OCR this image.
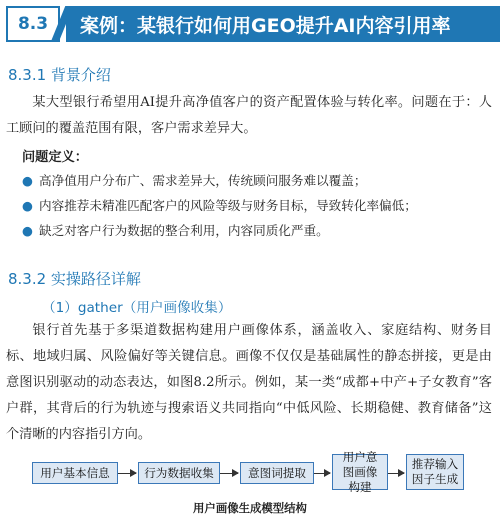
8.3	案例：某银行如何用GEO提升AI内容引用率
8.3.1 背景介绍
某大型银行希望用AI提升高净值客户的资产配置体验与转化率。问题在于：人工顾问的覆盖范围有限，客户需求差异大。
问题定义：
● 高净值用户分布广、需求差异大，传统顾问服务难以覆盖；
● 内容推荐未精准匹配客户的风险等级与财务目标，导致转化率偏低；
● 缺乏对客户行为数据的整合利用，内容同质化严重。
8.3.2 实操路径详解
（1）gather（用户画像收集）
银行首先基于多渠道数据构建用户画像体系，涵盖收入、家庭结构、财务目标、地域归属、风险偏好等关键信息。画像不仅仅是基础属性的静态拼接，更是由意图识别驱动的动态表达，如图8.2所示。例如，某一类“成都+中产+子女教育”客户群，其背后的行为轨迹与搜索语义共同指向“中低风险、长期稳健、教育储备”这个清晰的内容指引方向。
用户基本信息	行为数据收集	意图词提取
用户意图画像构建
推荐输入因子生成
用户画像生成模型结构
